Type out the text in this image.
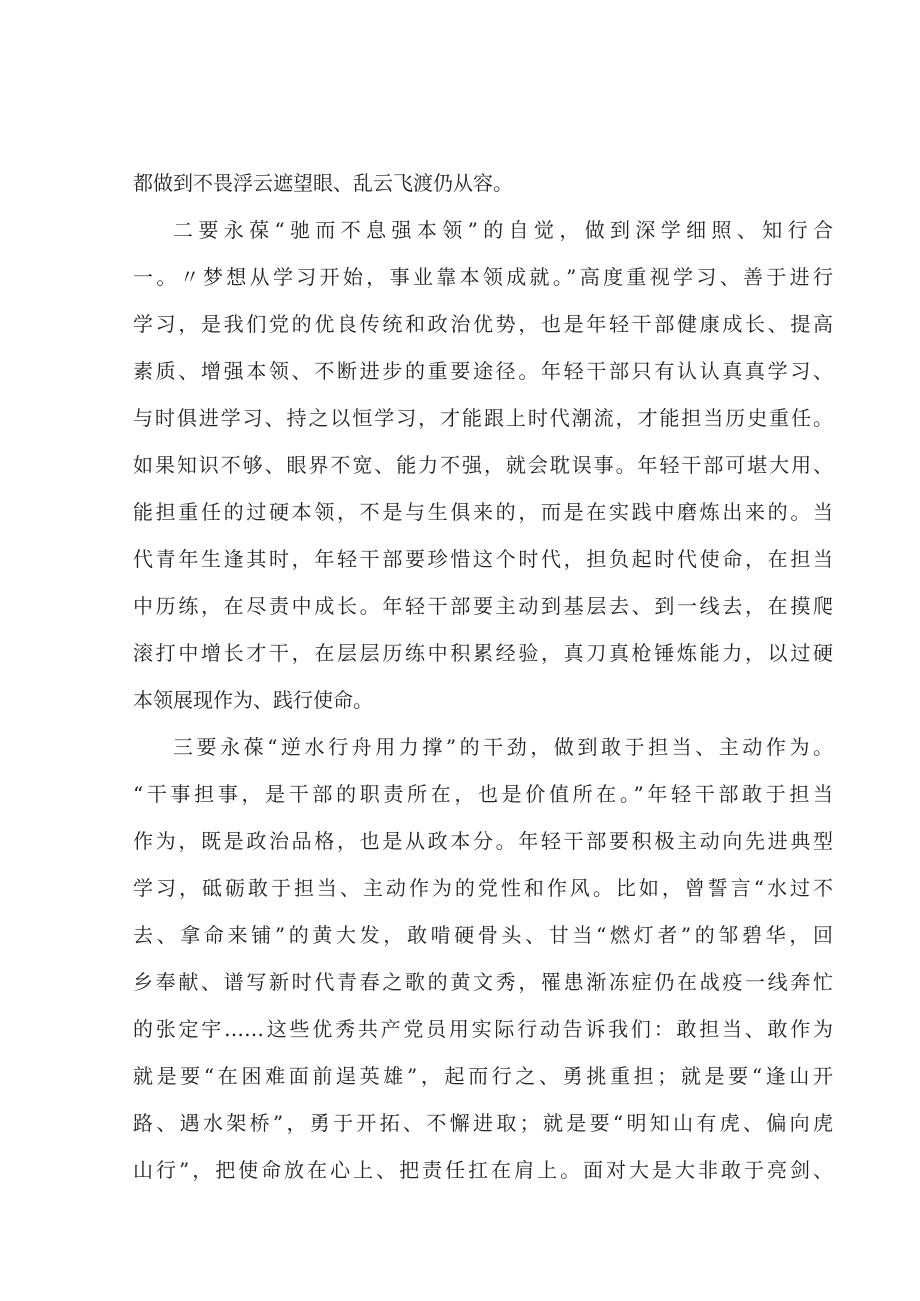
都做到不畏浮云遮望眼、乱云飞渡仍从容。
二要永葆“驰而不息强本领”的自觉，做到深学细照、知行合
一。〃梦想从学习开始，事业靠本领成就。”高度重视学习、善于进行
学习，是我们党的优良传统和政治优势，也是年轻干部健康成长、提高
素质、增强本领、不断进步的重要途径。年轻干部只有认认真真学习、
与时俱进学习、持之以恒学习，才能跟上时代潮流，才能担当历史重任。
如果知识不够、眼界不宽、能力不强，就会耽误事。年轻干部可堪大用、
能担重任的过硬本领，不是与生俱来的，而是在实践中磨炼出来的。当
代青年生逢其时，年轻干部要珍惜这个时代，担负起时代使命，在担当
中历练，在尽责中成长。年轻干部要主动到基层去、到一线去，在摸爬
滚打中增长才干，在层层历练中积累经验，真刀真枪锤炼能力，以过硬
本领展现作为、践行使命。
三要永葆“逆水行舟用力撑”的干劲，做到敢于担当、主动作为。
“干事担事，是干部的职责所在，也是价值所在。”年轻干部敢于担当
作为，既是政治品格，也是从政本分。年轻干部要积极主动向先进典型
学习，砥砺敢于担当、主动作为的党性和作风。比如，曾誓言“水过不
去、拿命来铺”的黄大发，敢啃硬骨头、甘当“燃灯者”的邹碧华，回
乡奉献、谱写新时代青春之歌的黄文秀，罹患渐冻症仍在战疫一线奔忙
的张定宇……这些优秀共产党员用实际行动告诉我们：敢担当、敢作为
就是要“在困难面前逞英雄”，起而行之、勇挑重担；就是要“逢山开
路、遇水架桥”，勇于开拓、不懈进取；就是要“明知山有虎、偏向虎
山行”，把使命放在心上、把责任扛在肩上。面对大是大非敢于亮剑、
